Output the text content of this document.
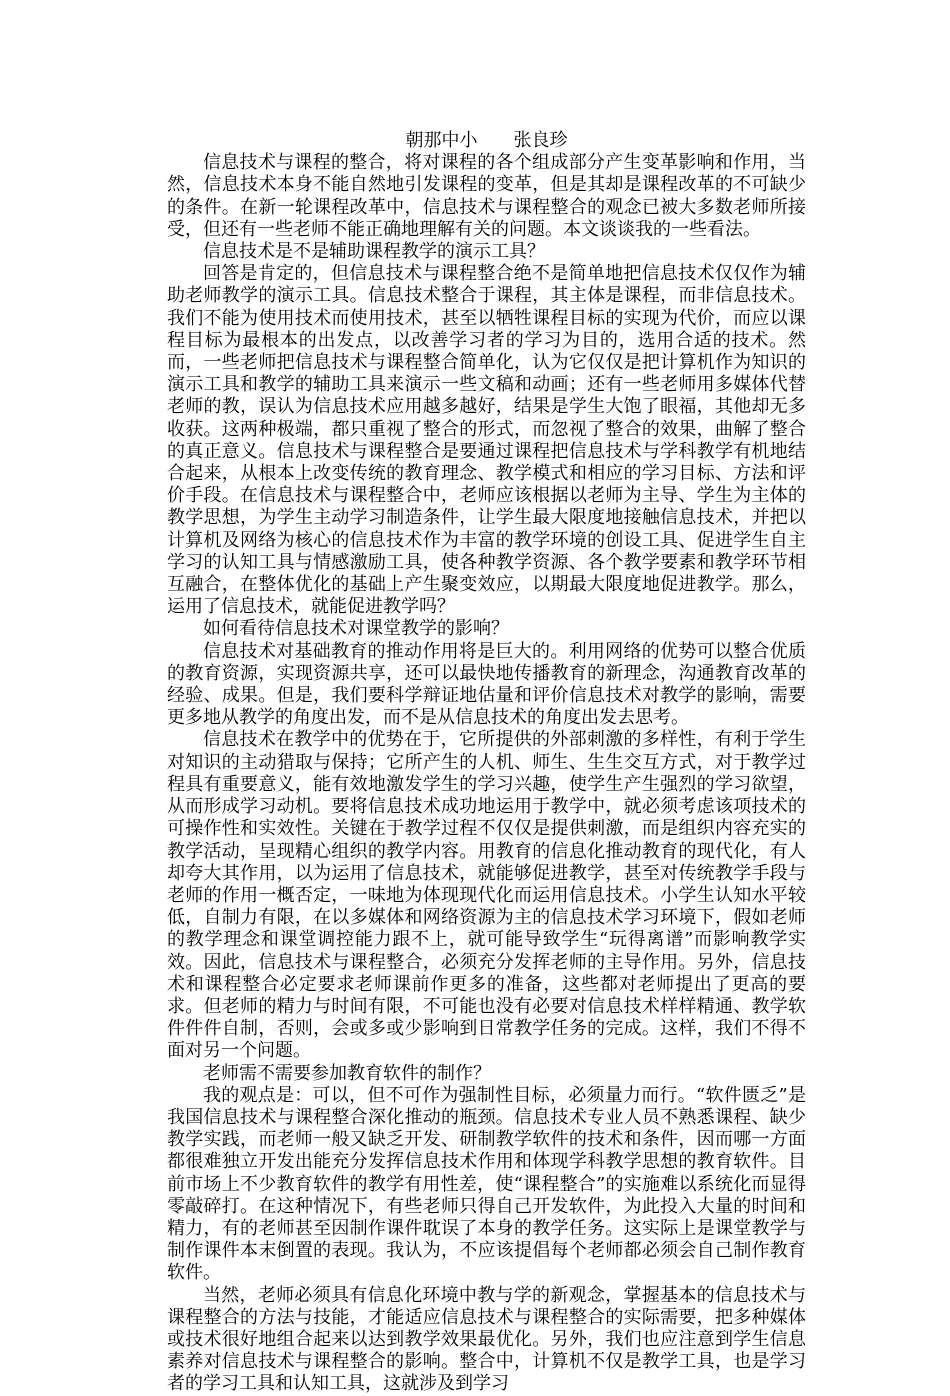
朝那中小　　张良珍

信息技术与课程的整合，将对课程的各个组成部分产生变革影响和作用，当然，信息技术本身不能自然地引发课程的变革，但是其却是课程改革的不可缺少的条件。在新一轮课程改革中，信息技术与课程整合的观念已被大多数老师所接受，但还有一些老师不能正确地理解有关的问题。本文谈谈我的一些看法。

信息技术是不是辅助课程教学的演示工具？

回答是肯定的，但信息技术与课程整合绝不是简单地把信息技术仅仅作为辅助老师教学的演示工具。信息技术整合于课程，其主体是课程，而非信息技术。我们不能为使用技术而使用技术，甚至以牺牲课程目标的实现为代价，而应以课程目标为最根本的出发点，以改善学习者的学习为目的，选用合适的技术。然而，一些老师把信息技术与课程整合简单化，认为它仅仅是把计算机作为知识的演示工具和教学的辅助工具来演示一些文稿和动画；还有一些老师用多媒体代替老师的教，误认为信息技术应用越多越好，结果是学生大饱了眼福，其他却无多收获。这两种极端，都只重视了整合的形式，而忽视了整合的效果，曲解了整合的真正意义。信息技术与课程整合是要通过课程把信息技术与学科教学有机地结合起来，从根本上改变传统的教育理念、教学模式和相应的学习目标、方法和评价手段。在信息技术与课程整合中，老师应该根据以老师为主导、学生为主体的教学思想，为学生主动学习制造条件，让学生最大限度地接触信息技术，并把以计算机及网络为核心的信息技术作为丰富的教学环境的创设工具、促进学生自主学习的认知工具与情感激励工具，使各种教学资源、各个教学要素和教学环节相互融合，在整体优化的基础上产生聚变效应，以期最大限度地促进教学。那么，运用了信息技术，就能促进教学吗？

如何看待信息技术对课堂教学的影响？

信息技术对基础教育的推动作用将是巨大的。利用网络的优势可以整合优质的教育资源，实现资源共享，还可以最快地传播教育的新理念，沟通教育改革的经验、成果。但是，我们要科学辩证地估量和评价信息技术对教学的影响，需要更多地从教学的角度出发，而不是从信息技术的角度出发去思考。

信息技术在教学中的优势在于，它所提供的外部刺激的多样性，有利于学生对知识的主动猎取与保持；它所产生的人机、师生、生生交互方式，对于教学过程具有重要意义，能有效地激发学生的学习兴趣，使学生产生强烈的学习欲望，从而形成学习动机。要将信息技术成功地运用于教学中，就必须考虑该项技术的可操作性和实效性。关键在于教学过程不仅仅是提供刺激，而是组织内容充实的教学活动，呈现精心组织的教学内容。用教育的信息化推动教育的现代化，有人却夸大其作用，以为运用了信息技术，就能够促进教学，甚至对传统教学手段与老师的作用一概否定，一味地为体现现代化而运用信息技术。小学生认知水平较低，自制力有限，在以多媒体和网络资源为主的信息技术学习环境下，假如老师的教学理念和课堂调控能力跟不上，就可能导致学生“玩得离谱”而影响教学实效。因此，信息技术与课程整合，必须充分发挥老师的主导作用。另外，信息技术和课程整合必定要求老师课前作更多的准备，这些都对老师提出了更高的要求。但老师的精力与时间有限，不可能也没有必要对信息技术样样精通、教学软件件件自制，否则，会或多或少影响到日常教学任务的完成。这样，我们不得不面对另一个问题。

老师需不需要参加教育软件的制作？

我的观点是：可以，但不可作为强制性目标，必须量力而行。“软件匮乏”是我国信息技术与课程整合深化推动的瓶颈。信息技术专业人员不熟悉课程、缺少教学实践，而老师一般又缺乏开发、研制教学软件的技术和条件，因而哪一方面都很难独立开发出能充分发挥信息技术作用和体现学科教学思想的教育软件。目前市场上不少教育软件的教学有用性差，使“课程整合”的实施难以系统化而显得零敲碎打。在这种情况下，有些老师只得自己开发软件，为此投入大量的时间和精力，有的老师甚至因制作课件耽误了本身的教学任务。这实际上是课堂教学与制作课件本末倒置的表现。我认为，不应该提倡每个老师都必须会自己制作教育软件。

当然，老师必须具有信息化环境中教与学的新观念，掌握基本的信息技术与课程整合的方法与技能，才能适应信息技术与课程整合的实际需要，把多种媒体或技术很好地组合起来以达到教学效果最优化。另外，我们也应注意到学生信息素养对信息技术与课程整合的影响。整合中，计算机不仅是教学工具，也是学习者的学习工具和认知工具，这就涉及到学习
